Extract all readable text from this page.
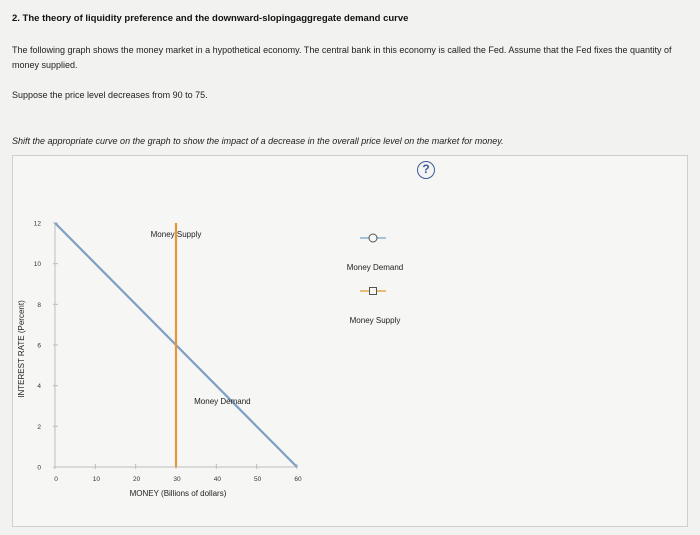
2. The theory of liquidity preference and the downward-slopingaggregate demand curve
The following graph shows the money market in a hypothetical economy. The central bank in this economy is called the Fed. Assume that the Fed fixes the quantity of money supplied.
Suppose the price level decreases from 90 to 75.
Shift the appropriate curve on the graph to show the impact of a decrease in the overall price level on the market for money.
?
0
2
4
6
8
10
12
0	10	20	30	40	50	60
MONEY (Billions of dollars)
INTEREST RATE (Percent)
Money Supply
Money Demand
Money Demand
Money Supply
